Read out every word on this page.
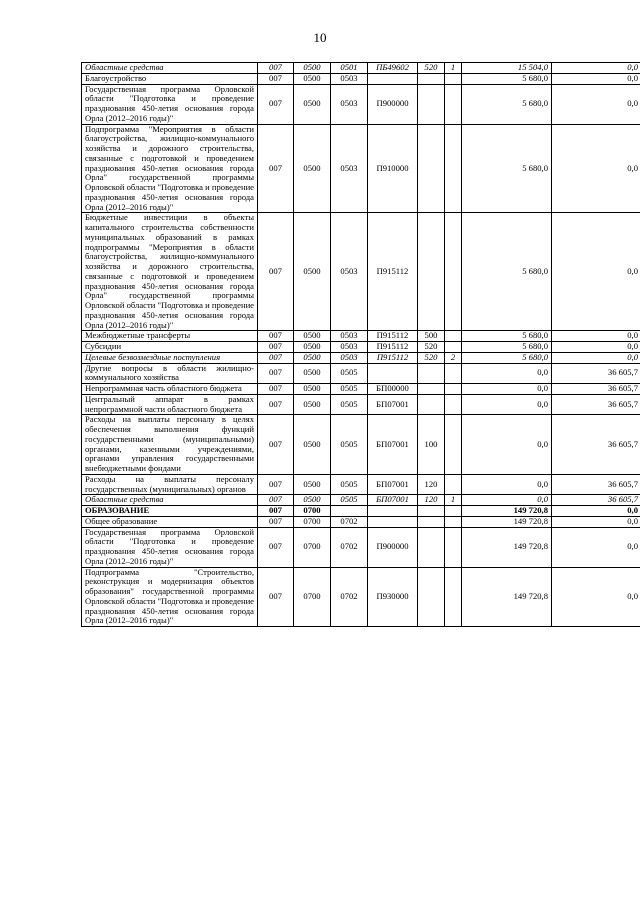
10
Областные средства	007	0500	0501	ПБ49602	520	1	15 504,0	0,0
Благоустройство	007	0500	0503				5 680,0	0,0
Государственная программа Орловской области "Подготовка и проведение празднования 450-летия основания города Орла (2012–2016 годы)"	007	0500	0503	П900000			5 680,0	0,0
Подпрограмма "Мероприятия в области благоустройства, жилищно-коммунального хозяйства и дорожного строительства, связанные с подготовкой и проведением празднования 450-летия основания города Орла" государственной программы Орловской области "Подготовка и проведение празднования 450-летия основания города Орла (2012–2016 годы)"	007	0500	0503	П910000			5 680,0	0,0
Бюджетные инвестиции в объекты капитального строительства собственности муниципальных образований в рамках подпрограммы "Мероприятия в области благоустройства, жилищно-коммунального хозяйства и дорожного строительства, связанные с подготовкой и проведением празднования 450-летия основания города Орла" государственной программы Орловской области "Подготовка и проведение празднования 450-летия основания города Орла (2012–2016 годы)"	007	0500	0503	П915112			5 680,0	0,0
Межбюджетные трансферты	007	0500	0503	П915112	500		5 680,0	0,0
Субсидии	007	0500	0503	П915112	520		5 680,0	0,0
Целевые безвозмездные поступления	007	0500	0503	П915112	520	2	5 680,0	0,0
Другие вопросы в области жилищно-коммунального хозяйства	007	0500	0505				0,0	36 605,7
Непрограммная часть областного бюджета	007	0500	0505	БП00000			0,0	36 605,7
Центральный аппарат в рамках непрограммной части областного бюджета	007	0500	0505	БП07001			0,0	36 605,7
Расходы на выплаты персоналу в целях обеспечения выполнения функций государственными (муниципальными) органами, казенными учреждениями, органами управления государственными внебюджетными фондами	007	0500	0505	БП07001	100		0,0	36 605,7
Расходы на выплаты персоналу государственных (муниципальных) органов	007	0500	0505	БП07001	120		0,0	36 605,7
Областные средства	007	0500	0505	БП07001	120	1	0,0	36 605,7
ОБРАЗОВАНИЕ	007	0700					149 720,8	0,0
Общее образование	007	0700	0702				149 720,8	0,0
Государственная программа Орловской области "Подготовка и проведение празднования 450-летия основания города Орла (2012–2016 годы)"	007	0700	0702	П900000			149 720,8	0,0
Подпрограмма "Строительство, реконструкция и модернизация объектов образования" государственной программы Орловской области "Подготовка и проведение празднования 450-летия основания города Орла (2012–2016 годы)"	007	0700	0702	П930000			149 720,8	0,0
